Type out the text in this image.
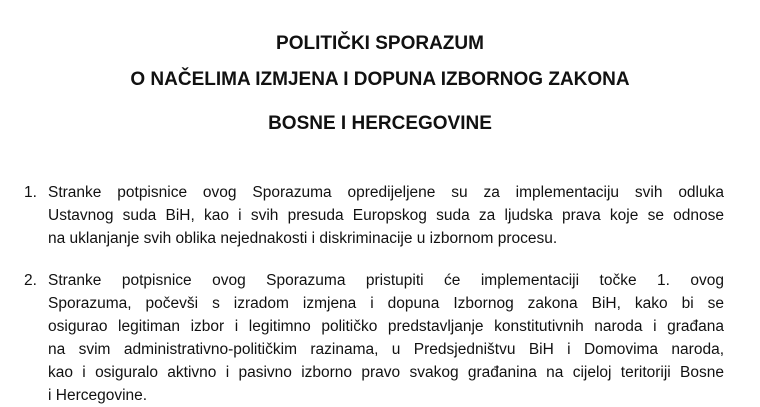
POLITIČKI SPORAZUM
O NAČELIMA IZMJENA I DOPUNA IZBORNOG ZAKONA
BOSNE I HERCEGOVINE
1. Stranke potpisnice ovog Sporazuma opredijeljene su za implementaciju svih odluka
Ustavnog suda BiH, kao i svih presuda Europskog suda za ljudska prava koje se odnose
na uklanjanje svih oblika nejednakosti i diskriminacije u izbornom procesu.
2. Stranke potpisnice ovog Sporazuma pristupiti će implementaciji točke 1. ovog
Sporazuma, počevši s izradom izmjena i dopuna Izbornog zakona BiH, kako bi se
osigurao legitiman izbor i legitimno političko predstavljanje konstitutivnih naroda i građana
na svim administrativno-političkim razinama, u Predsjedništvu BiH i Domovima naroda,
kao i osiguralo aktivno i pasivno izborno pravo svakog građanina na cijeloj teritoriji Bosne
i Hercegovine.
